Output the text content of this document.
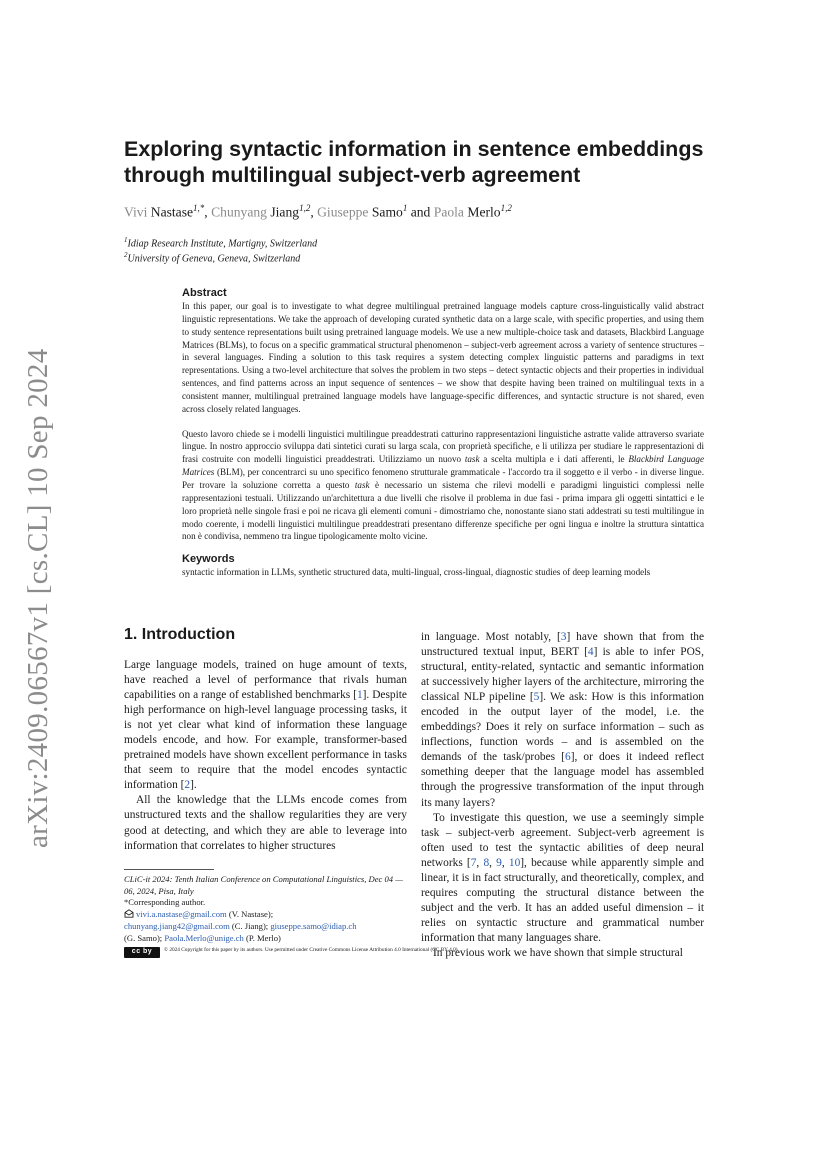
arXiv:2409.06567v1 [cs.CL] 10 Sep 2024
Exploring syntactic information in sentence embeddings through multilingual subject-verb agreement
Vivi Nastase$^{1,*}$, Chunyang Jiang$^{1,2}$, Giuseppe Samo$^1$ and Paola Merlo$^{1,2}$
$^1$Idiap Research Institute, Martigny, Switzerland
$^2$University of Geneva, Geneva, Switzerland
Abstract

In this paper, our goal is to investigate to what degree multilingual pretrained language models capture cross-linguistically valid abstract linguistic representations. We take the approach of developing curated synthetic data on a large scale, with specific properties, and using them to study sentence representations built using pretrained language models. We use a new multiple-choice task and datasets, Blackbird Language Matrices (BLMs), to focus on a specific grammatical structural phenomenon – subject-verb agreement across a variety of sentence structures – in several languages. Finding a solution to this task requires a system detecting complex linguistic patterns and paradigms in text representations. Using a two-level architecture that solves the problem in two steps – detect syntactic objects and their properties in individual sentences, and find patterns across an input sequence of sentences – we show that despite having been trained on multilingual texts in a consistent manner, multilingual pretrained language models have language-specific differences, and syntactic structure is not shared, even across closely related languages.

Questo lavoro chiede se i modelli linguistici multilingue preaddestrati catturino rappresentazioni linguistiche astratte valide attraverso svariate lingue. In nostro approccio sviluppa dati sintetici curati su larga scala, con proprietà specifiche, e li utilizza per studiare le rappresentazioni di frasi costruite con modelli linguistici preaddestrati. Utilizziamo un nuovo task a scelta multipla e i dati afferenti, le Blackbird Language Matrices (BLM), per concentrarci su uno specifico fenomeno strutturale grammaticale - l'accordo tra il soggetto e il verbo - in diverse lingue. Per trovare la soluzione corretta a questo task è necessario un sistema che rilevi modelli e paradigmi linguistici complessi nelle rappresentazioni testuali. Utilizzando un'architettura a due livelli che risolve il problema in due fasi - prima impara gli oggetti sintattici e le loro proprietà nelle singole frasi e poi ne ricava gli elementi comuni - dimostriamo che, nonostante siano stati addestrati su testi multilingue in modo coerente, i modelli linguistici multilingue preaddestrati presentano differenze specifiche per ogni lingua e inoltre la struttura sintattica non è condivisa, nemmeno tra lingue tipologicamente molto vicine.

Keywords

syntactic information in LLMs, synthetic structured data, multi-lingual, cross-lingual, diagnostic studies of deep learning models

1. Introduction

Large language models, trained on huge amount of texts, have reached a level of performance that rivals human capabilities on a range of established benchmarks [1]. Despite high performance on high-level language processing tasks, it is not yet clear what kind of information these language models encode, and how. For example, transformer-based pretrained models have shown excellent performance in tasks that seem to require that the model encodes syntactic information [2].

All the knowledge that the LLMs encode comes from unstructured texts and the shallow regularities they are very good at detecting, and which they are able to leverage into information that correlates to higher structures

in language. Most notably, [3] have shown that from the unstructured textual input, BERT [4] is able to infer POS, structural, entity-related, syntactic and semantic information at successively higher layers of the architecture, mirroring the classical NLP pipeline [5]. We ask: How is this information encoded in the output layer of the model, i.e. the embeddings? Does it rely on surface information – such as inflections, function words – and is assembled on the demands of the task/probes [6], or does it indeed reflect something deeper that the language model has assembled through the progressive transformation of the input through its many layers?

To investigate this question, we use a seemingly simple task – subject-verb agreement. Subject-verb agreement is often used to test the syntactic abilities of deep neural networks [7, 8, 9, 10], because while apparently simple and linear, it is in fact structurally, and theoretically, complex, and requires computing the structural distance between the subject and the verb. It has an added useful dimension – it relies on syntactic structure and grammatical number information that many languages share.

In previous work we have shown that simple structural

CLiC-it 2024: Tenth Italian Conference on Computational Linguistics, Dec 04 — 06, 2024, Pisa, Italy
*Corresponding author.
vivi.a.nastase@gmail.com (V. Nastase);
chunyang.jiang42@gmail.com (C. Jiang); giuseppe.samo@idiap.ch
(G. Samo); Paola.Merlo@unige.ch (P. Merlo)
cc by	© 2024 Copyright for this paper by its authors. Use permitted under Creative Commons License Attribution 4.0 International (CC BY 4.0).
